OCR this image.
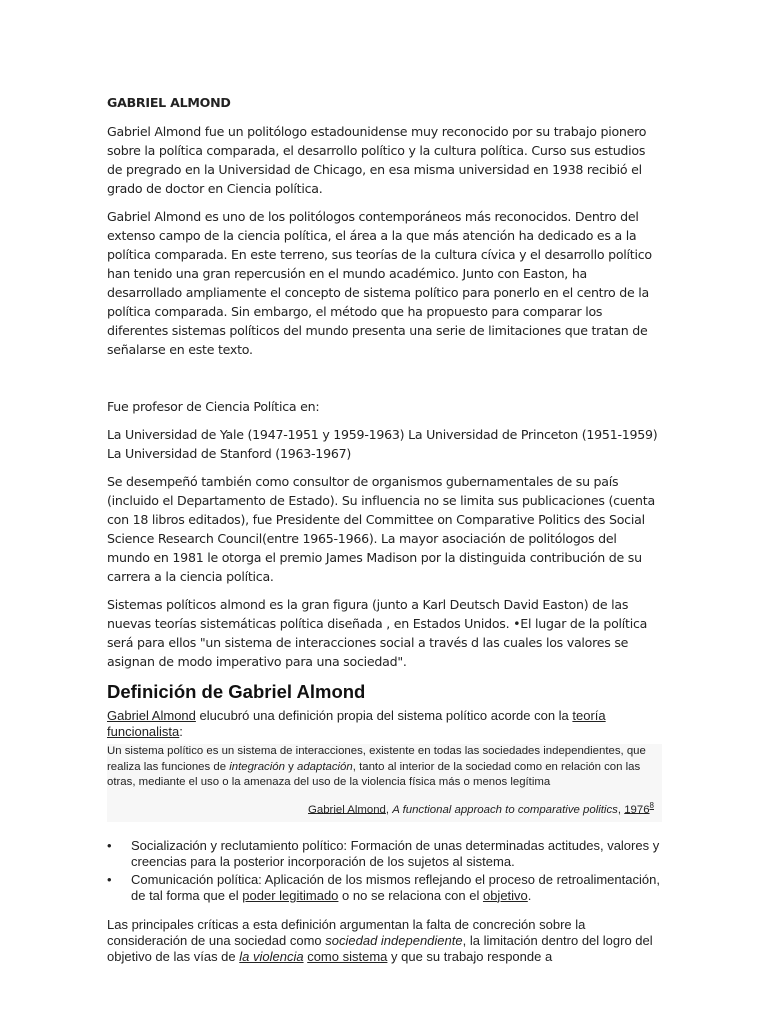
GABRIEL ALMOND

Gabriel Almond fue un politólogo estadounidense muy reconocido por su trabajo pionero sobre la política comparada, el desarrollo político y la cultura política. Curso sus estudios de pregrado en la Universidad de Chicago, en esa misma universidad en 1938 recibió el grado de doctor en Ciencia política.

Gabriel Almond es uno de los politólogos contemporáneos más reconocidos. Dentro del extenso campo de la ciencia política, el área a la que más atención ha dedicado es a la política comparada. En este terreno, sus teorías de la cultura cívica y el desarrollo político han tenido una gran repercusión en el mundo académico. Junto con Easton, ha desarrollado ampliamente el concepto de sistema político para ponerlo en el centro de la política comparada. Sin embargo, el método que ha propuesto para comparar los diferentes sistemas políticos del mundo presenta una serie de limitaciones que tratan de señalarse en este texto.

Fue profesor de Ciencia Política en:

La Universidad de Yale (1947-1951 y 1959-1963) La Universidad de Princeton (1951-1959)
La Universidad de Stanford (1963-1967)

Se desempeñó también como consultor de organismos gubernamentales de su país (incluido el Departamento de Estado). Su influencia no se limita sus publicaciones (cuenta con 18 libros editados), fue Presidente del Committee on Comparative Politics des Social Science Research Council(entre 1965-1966). La mayor asociación de politólogos del mundo en 1981 le otorga el premio James Madison por la distinguida contribución de su carrera a la ciencia política.

Sistemas políticos almond es la gran figura (junto a Karl Deutsch David Easton) de las nuevas teorías sistemáticas política diseñada , en Estados Unidos. •El lugar de la política será para ellos "un sistema de interacciones social a través d las cuales los valores se asignan de modo imperativo para una sociedad".

Definición de Gabriel Almond
Gabriel Almond elucubró una definición propia del sistema político acorde con la teoría funcionalista:
Un sistema político es un sistema de interacciones, existente en todas las sociedades independientes, que realiza las funciones de integración y adaptación, tanto al interior de la sociedad como en relación con las otras, mediante el uso o la amenaza del uso de la violencia física más o menos legítima
Gabriel Almond, A functional approach to comparative politics, 1976$^8$
• Socialización y reclutamiento político: Formación de unas determinadas actitudes, valores y creencias para la posterior incorporación de los sujetos al sistema.
• Comunicación política: Aplicación de los mismos reflejando el proceso de retroalimentación, de tal forma que el poder legitimado o no se relaciona con el objetivo.

Las principales críticas a esta definición argumentan la falta de concreción sobre la consideración de una sociedad como sociedad independiente, la limitación dentro del logro del objetivo de las vías de la violencia como sistema y que su trabajo responde a
